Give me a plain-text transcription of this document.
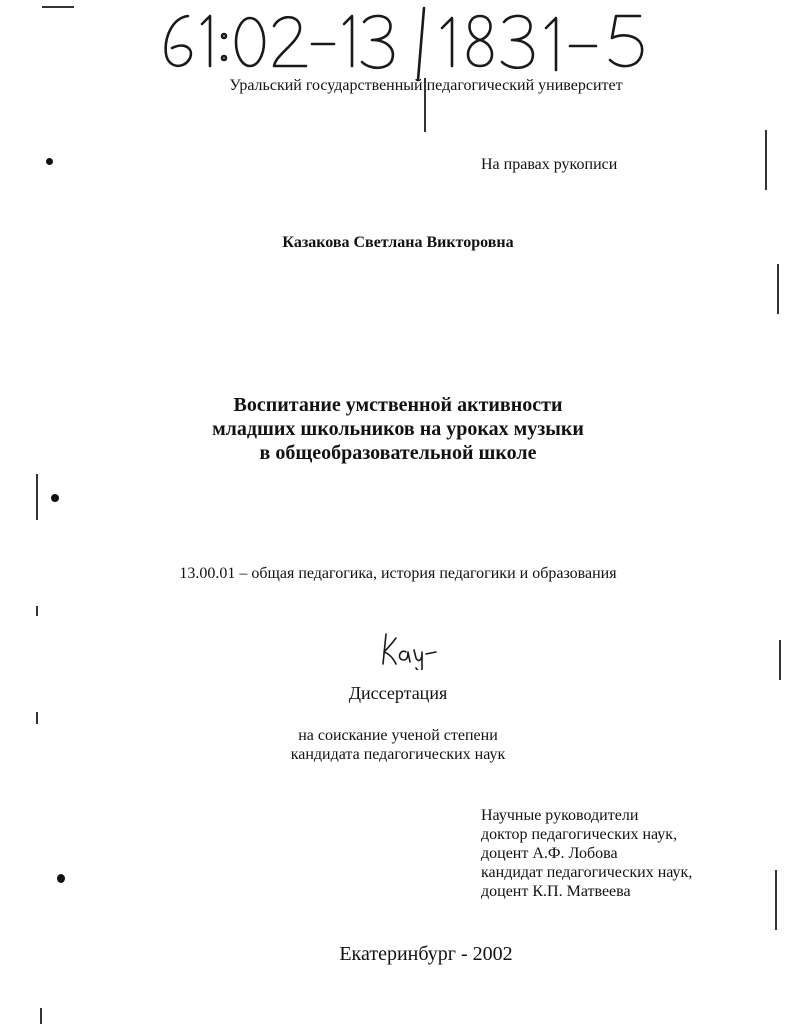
Уральский государственный педагогический университет
На правах рукописи
Казакова Светлана Викторовна
Воспитание умственной активности
младших школьников на уроках музыки
в общеобразовательной школе
13.00.01 – общая педагогика, история педагогики и образования
Диссертация
на соискание ученой степени
кандидата педагогических наук
Научные руководители
доктор педагогических наук,
доцент А.Ф. Лобова
кандидат педагогических наук,
доцент К.П. Матвеева
Екатеринбург - 2002
